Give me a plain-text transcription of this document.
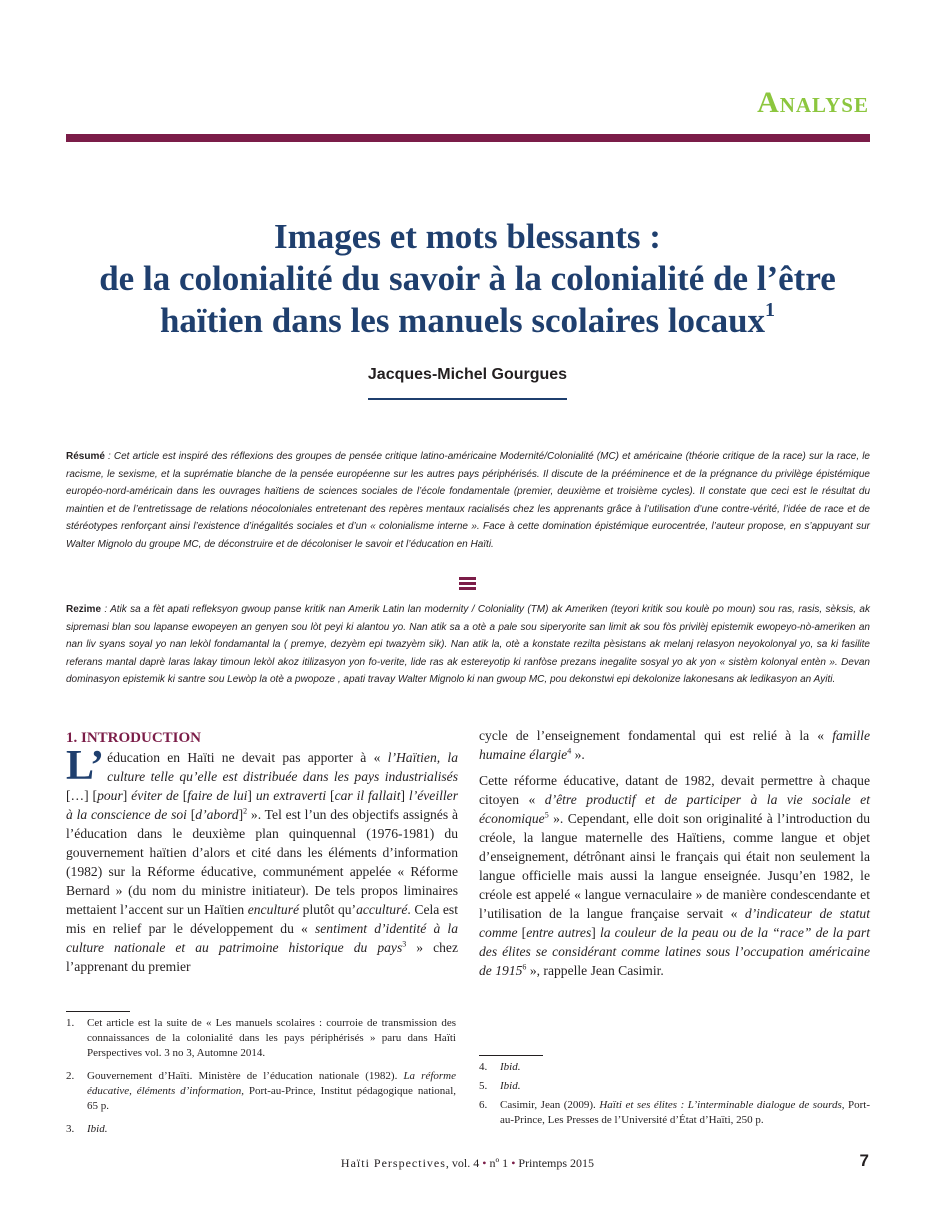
Analyse
Images et mots blessants :
de la colonialité du savoir à la colonialité de l’être
haïtien dans les manuels scolaires locaux$^1$
Jacques-Michel Gourgues

Résumé : Cet article est inspiré des réflexions des groupes de pensée critique latino-américaine Modernité/Colonialité (MC) et américaine (théorie critique de la race) sur la race, le racisme, le sexisme, et la suprématie blanche de la pensée européenne sur les autres pays périphérisés. Il discute de la prééminence et de la prégnance du privilège épistémique européo-nord-américain dans les ouvrages haïtiens de sciences sociales de l’école fondamentale (premier, deuxième et troisième cycles). Il constate que ceci est le résultat du maintien et de l’entretissage de relations néocoloniales entretenant des repères mentaux racialisés chez les apprenants grâce à l’utilisation d’une contre-vérité, l’idée de race et de stéréotypes renforçant ainsi l’existence d’inégalités sociales et d’un « colonialisme interne ». Face à cette domination épistémique eurocentrée, l’auteur propose, en s’appuyant sur Walter Mignolo du groupe MC, de déconstruire et de décoloniser le savoir et l’éducation en Haïti.

Rezime : Atik sa a fèt apati refleksyon gwoup panse kritik nan Amerik Latin lan modernity / Coloniality (TM) ak Ameriken (teyori kritik sou koulè po moun) sou ras, rasis, sèksis, ak sipremasi blan sou lapanse ewopeyen an genyen sou lòt peyi ki alantou yo. Nan atik sa a otè a pale sou siperyorite san limit ak sou fòs privilèj epistemik ewopeyo-nò-ameriken an nan liv syans soyal yo nan lekòl fondamantal la ( premye, dezyèm epi twazyèm sik). Nan atik la, otè a konstate rezilta pèsistans ak melanj relasyon neyokolonyal yo, sa ki fasilite referans mantal daprè laras lakay timoun lekòl akoz itilizasyon yon fo-verite, lide ras ak estereyotip ki ranfòse prezans inegalite sosyal yo ak yon « sistèm kolonyal entèn ». Devan dominasyon epistemik ki santre sou Lewòp la otè a pwopoze , apati travay Walter Mignolo ki nan gwoup MC, pou dekonstwi epi dekolonize lakonesans ak ledikasyon an Ayiti.

1. INTRODUCTION

L’ éducation en Haïti ne devait pas apporter à « l’Haïtien, la culture telle qu’elle est distribuée dans les pays industrialisés […] [pour] éviter de [faire de lui] un extraverti [car il fallait] l’éveiller à la conscience de soi [d’abord]$^2$ ». Tel est l’un des objectifs assignés à l’éducation dans le deuxième plan quinquennal (1976-1981) du gouvernement haïtien d’alors et cité dans les éléments d’information (1982) sur la Réforme éducative, communément appelée « Réforme Bernard » (du nom du ministre initiateur). De tels propos liminaires mettaient l’accent sur un Haïtien enculturé plutôt qu’acculturé. Cela est mis en relief par le développement du « sentiment d’identité à la culture nationale et au patrimoine historique du pays$^3$ » chez l’apprenant du premier

cycle de l’enseignement fondamental qui est relié à la « famille humaine élargie$^4$ ».

Cette réforme éducative, datant de 1982, devait permettre à chaque citoyen « d’être productif et de participer à la vie sociale et économique$^5$ ». Cependant, elle doit son originalité à l’introduction du créole, la langue maternelle des Haïtiens, comme langue et objet d’enseignement, détrônant ainsi le français qui était non seulement la langue officielle mais aussi la langue enseignée. Jusqu’en 1982, le créole est appelé « langue vernaculaire » de manière condescendante et l’utilisation de la langue française servait « d’indicateur de statut comme [entre autres] la couleur de la peau ou de la “race” de la part des élites se considérant comme latines sous l’occupation américaine de 1915$^6$ », rappelle Jean Casimir.

1. Cet article est la suite de « Les manuels scolaires : courroie de transmission des connaissances de la colonialité dans les pays périphérisés » paru dans Haïti Perspectives vol. 3 no 3, Automne 2014.
2. Gouvernement d’Haïti. Ministère de l’éducation nationale (1982). La réforme éducative, éléments d’information, Port-au-Prince, Institut pédagogique national, 65 p.
3. Ibid.
4. Ibid.
5. Ibid.
6. Casimir, Jean (2009). Haïti et ses élites : L’interminable dialogue de sourds, Port-au-Prince, Les Presses de l’Université d’État d’Haïti, 250 p.
Haïti Perspectives, vol. 4 • nº 1 • Printemps 2015	7
